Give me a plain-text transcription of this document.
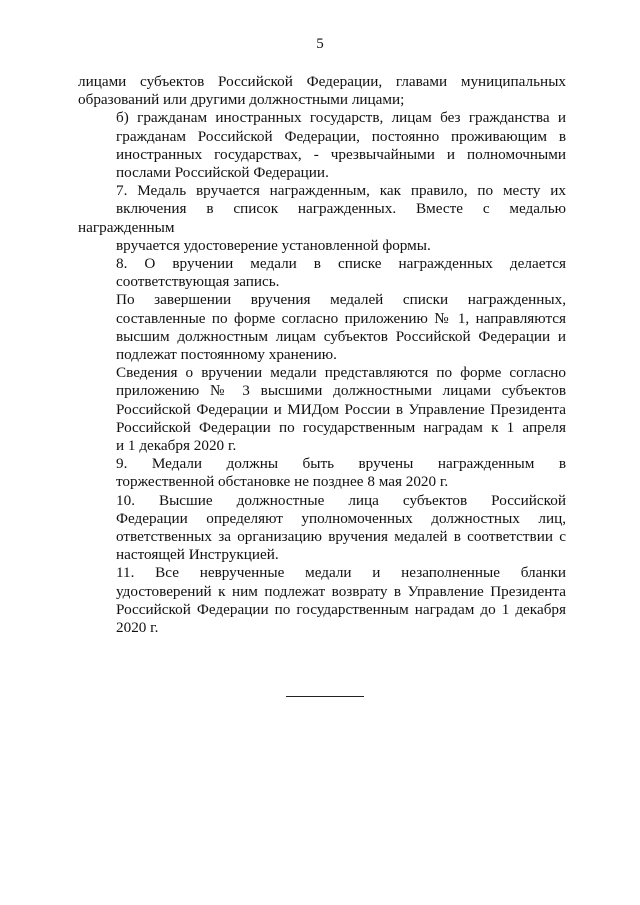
5
лицами субъектов Российской Федерации, главами муниципальных
образований или другими должностными лицами;
б) гражданам иностранных государств, лицам без гражданства и
гражданам Российской Федерации, постоянно проживающим в
иностранных государствах, - чрезвычайными и полномочными
послами Российской Федерации.
7. Медаль вручается награжденным, как правило, по месту их
включения в список награжденных. Вместе с медалью награжденным
вручается удостоверение установленной формы.
8. О вручении медали в списке награжденных делается
соответствующая запись.
По завершении вручения медалей списки награжденных,
составленные по форме согласно приложению № 1, направляются
высшим должностным лицам субъектов Российской Федерации и
подлежат постоянному хранению.
Сведения о вручении медали представляются по форме согласно
приложению № 3 высшими должностными лицами субъектов
Российской Федерации и МИДом России в Управление Президента
Российской Федерации по государственным наградам к 1 апреля
и 1 декабря 2020 г.
9. Медали должны быть вручены награжденным в
торжественной обстановке не позднее 8 мая 2020 г.
10. Высшие должностные лица субъектов Российской
Федерации определяют уполномоченных должностных лиц,
ответственных за организацию вручения медалей в соответствии с
настоящей Инструкцией.
11. Все неврученные медали и незаполненные бланки
удостоверений к ним подлежат возврату в Управление Президента
Российской Федерации по государственным наградам до 1 декабря
2020 г.
